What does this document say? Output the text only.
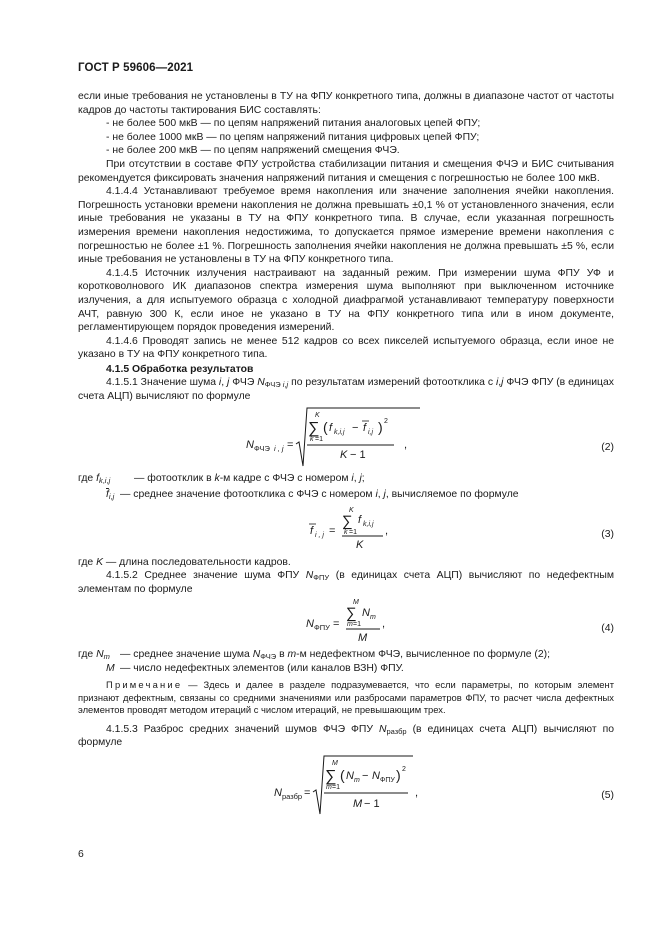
ГОСТ Р 59606—2021

если иные требования не установлены в ТУ на ФПУ конкретного типа, должны в диапазоне частот от частоты кадров до частоты тактирования БИС составлять:

- не более 500 мкВ — по цепям напряжений питания аналоговых цепей ФПУ;

- не более 1000 мкВ — по цепям напряжений питания цифровых цепей ФПУ;

- не более 200 мкВ — по цепям напряжений смещения ФЧЭ.

При отсутствии в составе ФПУ устройства стабилизации питания и смещения ФЧЭ и БИС считывания рекомендуется фиксировать значения напряжений питания и смещения с погрешностью не более 100 мкВ.

4.1.4.4 Устанавливают требуемое время накопления или значение заполнения ячейки накопления. Погрешность установки времени накопления не должна превышать ±0,1 % от установленного значения, если иные требования не указаны в ТУ на ФПУ конкретного типа. В случае, если указанная погрешность измерения времени накопления недостижима, то допускается прямое измерение времени накопления с погрешностью не более ±1 %. Погрешность заполнения ячейки накопления не должна превышать ±5 %, если иные требования не установлены в ТУ на ФПУ конкретного типа.

4.1.4.5 Источник излучения настраивают на заданный режим. При измерении шума ФПУ УФ и коротковолнового ИК диапазонов спектра измерения шума выполняют при выключенном источнике излучения, а для испытуемого образца с холодной диафрагмой устанавливают температуру поверхности АЧТ, равную 300 К, если иное не указано в ТУ на ФПУ конкретного типа или в ином документе, регламентирующем порядок проведения измерений.

4.1.4.6 Проводят запись не менее 512 кадров со всех пикселей испытуемого образца, если иное не указано в ТУ на ФПУ конкретного типа.

4.1.5 Обработка результатов

4.1.5.1 Значение шума i, j ФЧЭ $N_{ФЧЭ i,j}$ по результатам измерений фотоотклика с i,j ФЧЭ ФПУ (в единицах счета АЦП) вычисляют по формуле

N ФЧЭ i , j =
K
∑
k =1
( f k,i,j − f i,j ) 2
K − 1
,	(2)
где $f_{k,i,j}$	— фотоотклик в k-м кадре с ФЧЭ с номером i, j;
$\overline{f}_{i,j}$ — среднее значение фотоотклика с ФЧЭ с номером i, j, вычисляемое по формуле
f i , j =
K
∑
k =1
f k,i,j
K
,	(3)

где K — длина последовательности кадров.

4.1.5.2 Среднее значение шума ФПУ $N_{ФПУ}$ (в единицах счета АЦП) вычисляют по недефектным элементам по формуле

N ФПУ =
M
∑
m =1
N m
M
,	(4)
где $N_m$ — среднее значение шума $N_{ФЧЭ}$ в m-м недефектном ФЧЭ, вычисленное по формуле (2);
M — число недефектных элементов (или каналов ВЗН) ФПУ.

Примечание — Здесь и далее в разделе подразумевается, что если параметры, по которым элемент признают дефектным, связаны со средними значениями или разбросами параметров ФПУ, то расчет числа дефектных элементов проводят методом итераций с числом итераций, не превышающим трех.

4.1.5.3 Разброс средних значений шумов ФЧЭ ФПУ $N_{разбр}$ (в единицах счета АЦП) вычисляют по формуле

N разбр =
M
∑
m =1
( N m − N ФПУ ) 2
M − 1
,	(5)
6
